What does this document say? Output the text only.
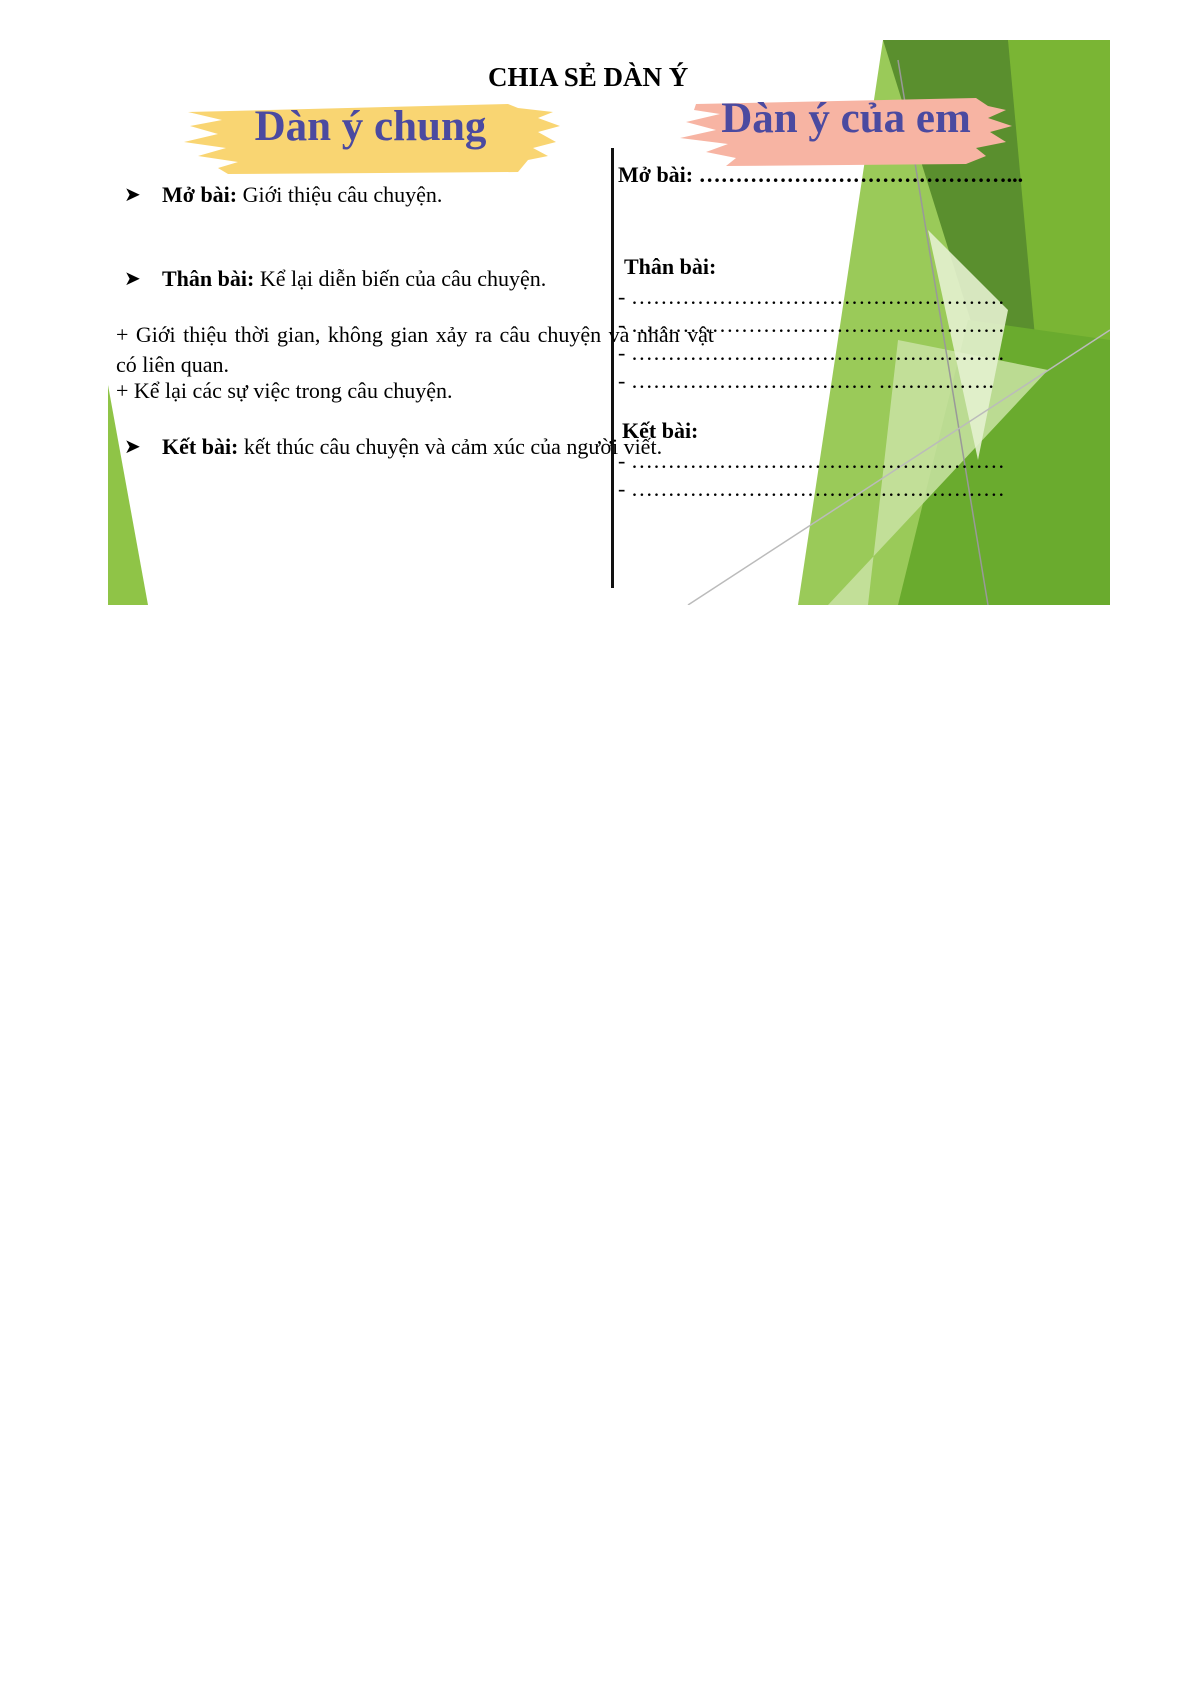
CHIA SẺ DÀN Ý
Dàn ý chung	Dàn ý của em
➤ Mở bài: Giới thiệu câu chuyện.
➤ Thân bài: Kể lại diễn biến của câu chuyện.
+ Giới thiệu thời gian, không gian xảy ra câu chuyện và nhân vật có liên quan.
+ Kể lại các sự việc trong câu chuyện.
➤ Kết bài: kết thúc câu chuyện và cảm xúc của người viết.
Mở bài: ……………………………………...
Thân bài:
- ……………………………………………
- ……………………………………………
- ……………………………………………
- …………………………… …………….
Kết bài:
- ……………………………………………
- ……………………………………………
